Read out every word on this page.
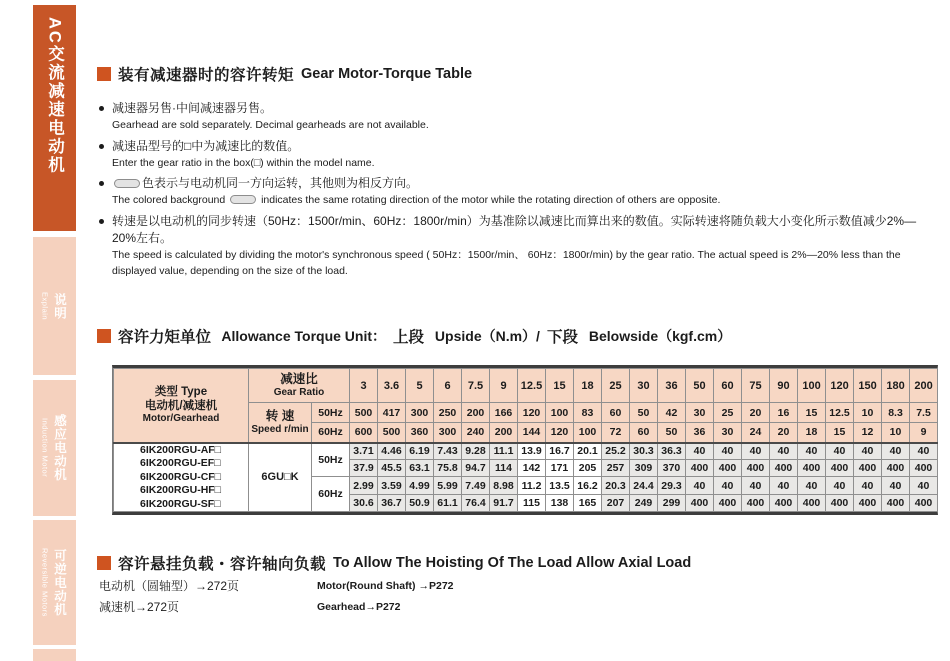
AC交流减速电动机
Explain 说明
Induction Motor 感应电动机
Reversible Motors 可逆电动机
装有减速器时的容许转矩 Gear Motor-Torque Table
减速器另售·中间减速器另售。
Gearhead are sold separately. Decimal gearheads are not available.
减速品型号的□中为减速比的数值。
Enter the gear ratio in the box(□) within the model name.
色表示与电动机同一方向运转，其他则为相反方向。
The colored background	indicates the same rotating direction of the motor while the rotating direction of others are opposite.
转速是以电动机的同步转速（50Hz：1500r/min、60Hz：1800r/min）为基准除以减速比而算出来的数值。实际转速将随负载大小变化所示数值减少2%—20%左右。
The speed is calculated by dividing the motor's synchronous speed ( 50Hz：1500r/min、 60Hz：1800r/min) by the gear ratio. The actual speed is 2%—20% less than the displayed value, depending on the size of the load.
容许力矩单位 Allowance Torque Unit： 上段 Upside（N.m）/ 下段 Belowside（kgf.cm）
类型 Type
电动机/减速机
Motor/Gearhead

减速比
Gear Ratio
	3	3.6	5	6	7.5	9	12.5	15	18	25	30	36	50	60	75	90	100	120	150	180	200

	转 速
Speed r/min	50Hz	500	417	300	250	200	166	120	100	83	60	50	42	30	25	20	16	15	12.5	10	8.3	7.5
		60Hz	600	500	360	300	240	200	144	120	100	72	60	50	36	30	24	20	18	15	12	10	9

6IK200RGU-AF□
6IK200RGU-EF□
6IK200RGU-CF□
6IK200RGU-HF□
6IK200RGU-SF□	6GU□K	50Hz	3.71	4.46	6.19	7.43	9.28	11.1	13.9	16.7	20.1	25.2	30.3	36.3	40	40	40	40	40	40	40	40	40
			37.9	45.5	63.1	75.8	94.7	114	142	171	205	257	309	370	400	400	400	400	400	400	400	400	400
		60Hz	2.99	3.59	4.99	5.99	7.49	8.98	11.2	13.5	16.2	20.3	24.4	29.3	40	40	40	40	40	40	40	40	40
			30.6	36.7	50.9	61.1	76.4	91.7	115	138	165	207	249	299	400	400	400	400	400	400	400	400	400
容许悬挂负载・容许轴向负载 To Allow The Hoisting Of The Load Allow Axial Load
电动机（圆轴型）→272页	Motor(Round Shaft) →P272
减速机→272页	Gearhead→P272
